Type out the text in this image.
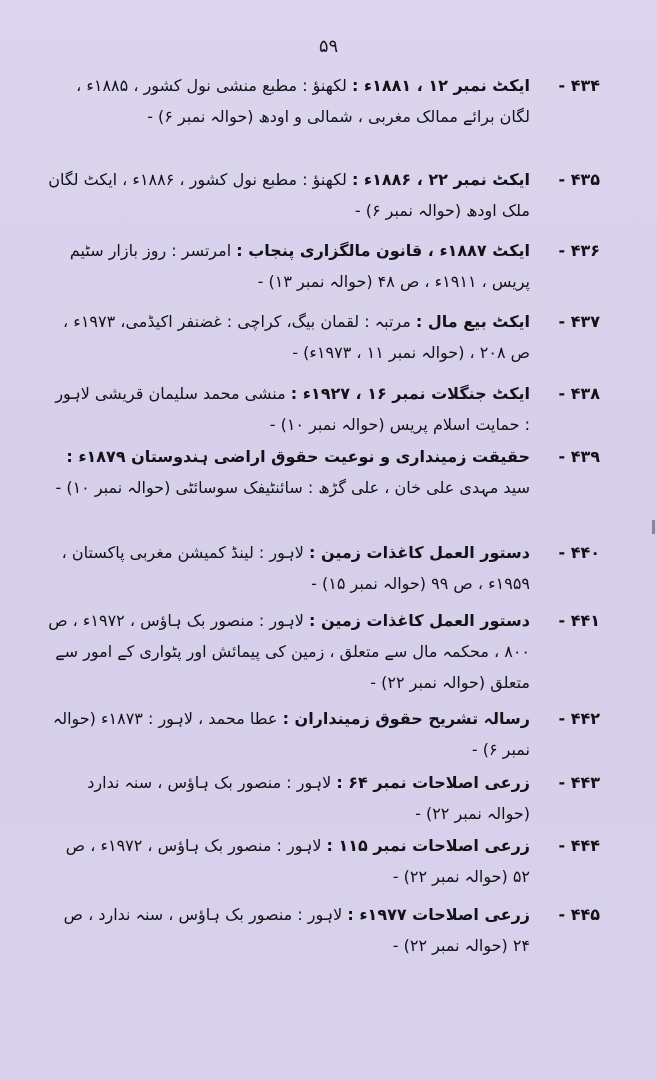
۵۹
۴۳۴ -
ایکٹ نمبر ۱۲ ، ۱۸۸۱ء : لکھنؤ : مطبع منشی نول کشور ، ۱۸۸۵ء ، لگان برائے ممالک مغربی ، شمالی و اودھ (حوالہ نمبر ۶) -
۴۳۵ -
ایکٹ نمبر ۲۲ ، ۱۸۸۶ء : لکھنؤ : مطبع نول کشور ، ۱۸۸۶ء ، ایکٹ لگان ملک اودھ (حوالہ نمبر ۶) -
۴۳۶ -
ایکٹ ۱۸۸۷ء ، قانون مالگزاری پنجاب : امرتسر : روز بازار سٹیم پریس ، ۱۹۱۱ء ، ص ۴۸ (حوالہ نمبر ۱۳) -
۴۳۷ -
ایکٹ بیع مال : مرتبہ : لقمان بیگ، کراچی : غضنفر اکیڈمی، ۱۹۷۳ء ، ص ۲۰۸ ، (حوالہ نمبر ۱۱ ، ۱۹۷۳ء) -
۴۳۸ -
ایکٹ جنگلات نمبر ۱۶ ، ۱۹۲۷ء : منشی محمد سلیمان قریشی لاہور : حمایت اسلام پریس (حوالہ نمبر ۱۰) -
۴۳۹ -
حقیقت زمینداری و نوعیت حقوق اراضی ہندوستان ۱۸۷۹ء : سید مہدی علی خان ، علی گڑھ : سائنٹیفک سوسائٹی (حوالہ نمبر ۱۰) -
۴۴۰ -
دستور العمل کاغذات زمین : لاہور : لینڈ کمیشن مغربی پاکستان ، ۱۹۵۹ء ، ص ۹۹ (حوالہ نمبر ۱۵) -
۴۴۱ -
دستور العمل کاغذات زمین : لاہور : منصور بک ہاؤس ، ۱۹۷۲ء ، ص ۸۰۰ ، محکمہ مال سے متعلق ، زمین کی پیمائش اور پٹواری کے امور سے متعلق (حوالہ نمبر ۲۲) -
۴۴۲ -
رسالہ تشریح حقوق زمینداران : عطا محمد ، لاہور : ۱۸۷۳ء (حوالہ نمبر ۶) -
۴۴۳ -
زرعی اصلاحات نمبر ۶۴ : لاہور : منصور بک ہاؤس ، سنہ ندارد (حوالہ نمبر ۲۲) -
۴۴۴ -
زرعی اصلاحات نمبر ۱۱۵ : لاہور : منصور بک ہاؤس ، ۱۹۷۲ء ، ص ۵۲ (حوالہ نمبر ۲۲) -
۴۴۵ -
زرعی اصلاحات ۱۹۷۷ء : لاہور : منصور بک ہاؤس ، سنہ ندارد ، ص ۲۴ (حوالہ نمبر ۲۲) -
